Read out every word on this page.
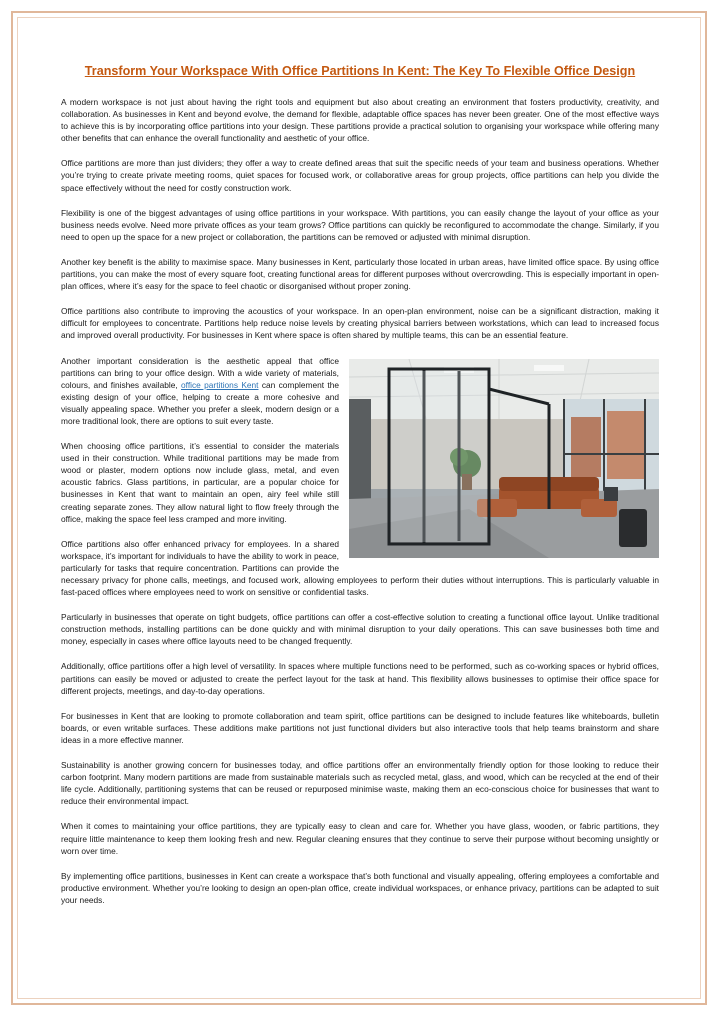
Transform Your Workspace With Office Partitions In Kent: The Key To Flexible Office Design

A modern workspace is not just about having the right tools and equipment but also about creating an environment that fosters productivity, creativity, and collaboration. As businesses in Kent and beyond evolve, the demand for flexible, adaptable office spaces has never been greater. One of the most effective ways to achieve this is by incorporating office partitions into your design. These partitions provide a practical solution to organising your workspace while offering many other benefits that can enhance the overall functionality and aesthetic of your office.

Office partitions are more than just dividers; they offer a way to create defined areas that suit the specific needs of your team and business operations. Whether you’re trying to create private meeting rooms, quiet spaces for focused work, or collaborative areas for group projects, office partitions can help you divide the space effectively without the need for costly construction work.

Flexibility is one of the biggest advantages of using office partitions in your workspace. With partitions, you can easily change the layout of your office as your business needs evolve. Need more private offices as your team grows? Office partitions can quickly be reconfigured to accommodate the change. Similarly, if you need to open up the space for a new project or collaboration, the partitions can be removed or adjusted with minimal disruption.

Another key benefit is the ability to maximise space. Many businesses in Kent, particularly those located in urban areas, have limited office space. By using office partitions, you can make the most of every square foot, creating functional areas for different purposes without overcrowding. This is especially important in open-plan offices, where it’s easy for the space to feel chaotic or disorganised without proper zoning.

Office partitions also contribute to improving the acoustics of your workspace. In an open-plan environment, noise can be a significant distraction, making it difficult for employees to concentrate. Partitions help reduce noise levels by creating physical barriers between workstations, which can lead to increased focus and improved overall productivity. For businesses in Kent where space is often shared by multiple teams, this can be an essential feature.

Another important consideration is the aesthetic appeal that office partitions can bring to your office design. With a wide variety of materials, colours, and finishes available, office partitions Kent can complement the existing design of your office, helping to create a more cohesive and visually appealing space. Whether you prefer a sleek, modern design or a more traditional look, there are options to suit every taste.

When choosing office partitions, it’s essential to consider the materials used in their construction. While traditional partitions may be made from wood or plaster, modern options now include glass, metal, and even acoustic fabrics. Glass partitions, in particular, are a popular choice for businesses in Kent that want to maintain an open, airy feel while still creating separate zones. They allow natural light to flow freely through the office, making the space feel less cramped and more inviting.

Office partitions also offer enhanced privacy for employees. In a shared workspace, it’s important for individuals to have the ability to work in peace, particularly for tasks that require concentration. Partitions can provide the necessary privacy for phone calls, meetings, and focused work, allowing employees to perform their duties without interruptions. This is particularly valuable in fast-paced offices where employees need to work on sensitive or confidential tasks.

Particularly in businesses that operate on tight budgets, office partitions can offer a cost-effective solution to creating a functional office layout. Unlike traditional construction methods, installing partitions can be done quickly and with minimal disruption to your daily operations. This can save businesses both time and money, especially in cases where office layouts need to be changed frequently.

Additionally, office partitions offer a high level of versatility. In spaces where multiple functions need to be performed, such as co-working spaces or hybrid offices, partitions can easily be moved or adjusted to create the perfect layout for the task at hand. This flexibility allows businesses to optimise their office space for different projects, meetings, and day-to-day operations.

For businesses in Kent that are looking to promote collaboration and team spirit, office partitions can be designed to include features like whiteboards, bulletin boards, or even writable surfaces. These additions make partitions not just functional dividers but also interactive tools that help teams brainstorm and share ideas in a more effective manner.

Sustainability is another growing concern for businesses today, and office partitions offer an environmentally friendly option for those looking to reduce their carbon footprint. Many modern partitions are made from sustainable materials such as recycled metal, glass, and wood, which can be recycled at the end of their life cycle. Additionally, partitioning systems that can be reused or repurposed minimise waste, making them an eco-conscious choice for businesses that want to reduce their environmental impact.

When it comes to maintaining your office partitions, they are typically easy to clean and care for. Whether you have glass, wooden, or fabric partitions, they require little maintenance to keep them looking fresh and new. Regular cleaning ensures that they continue to serve their purpose without becoming unsightly or worn over time.

By implementing office partitions, businesses in Kent can create a workspace that’s both functional and visually appealing, offering employees a comfortable and productive environment. Whether you’re looking to design an open-plan office, create individual workspaces, or enhance privacy, partitions can be adapted to suit your needs.
